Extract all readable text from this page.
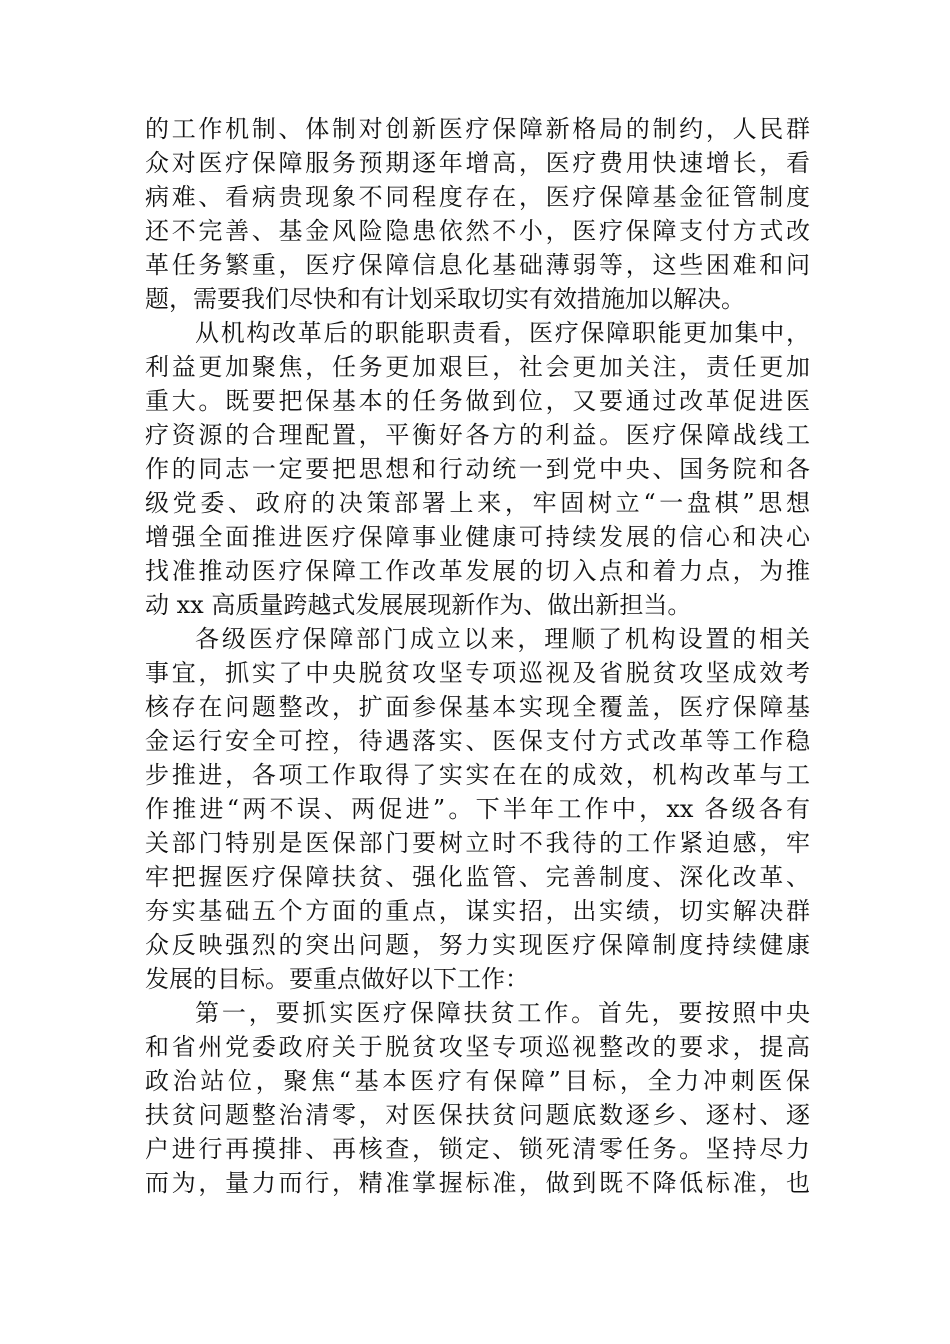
的工作机制、体制对创新医疗保障新格局的制约，人民群
众对医疗保障服务预期逐年增高，医疗费用快速增长，看
病难、看病贵现象不同程度存在，医疗保障基金征管制度
还不完善、基金风险隐患依然不小，医疗保障支付方式改
革任务繁重，医疗保障信息化基础薄弱等，这些困难和问
题，需要我们尽快和有计划采取切实有效措施加以解决。
从机构改革后的职能职责看，医疗保障职能更加集中，
利益更加聚焦，任务更加艰巨，社会更加关注，责任更加
重大。既要把保基本的任务做到位，又要通过改革促进医
疗资源的合理配置，平衡好各方的利益。医疗保障战线工
作的同志一定要把思想和行动统一到党中央、国务院和各
级党委、政府的决策部署上来，牢固树立“一盘棋”思想
增强全面推进医疗保障事业健康可持续发展的信心和决心
找准推动医疗保障工作改革发展的切入点和着力点，为推
动 xx 高质量跨越式发展展现新作为、做出新担当。
各级医疗保障部门成立以来，理顺了机构设置的相关
事宜，抓实了中央脱贫攻坚专项巡视及省脱贫攻坚成效考
核存在问题整改，扩面参保基本实现全覆盖，医疗保障基
金运行安全可控，待遇落实、医保支付方式改革等工作稳
步推进，各项工作取得了实实在在的成效，机构改革与工
作推进“两不误、两促进”。下半年工作中，xx 各级各有
关部门特别是医保部门要树立时不我待的工作紧迫感，牢
牢把握医疗保障扶贫、强化监管、完善制度、深化改革、
夯实基础五个方面的重点，谋实招，出实绩，切实解决群
众反映强烈的突出问题，努力实现医疗保障制度持续健康
发展的目标。要重点做好以下工作：
第一，要抓实医疗保障扶贫工作。首先，要按照中央
和省州党委政府关于脱贫攻坚专项巡视整改的要求，提高
政治站位，聚焦“基本医疗有保障”目标，全力冲刺医保
扶贫问题整治清零，对医保扶贫问题底数逐乡、逐村、逐
户进行再摸排、再核查，锁定、锁死清零任务。坚持尽力
而为，量力而行，精准掌握标准，做到既不降低标准，也
